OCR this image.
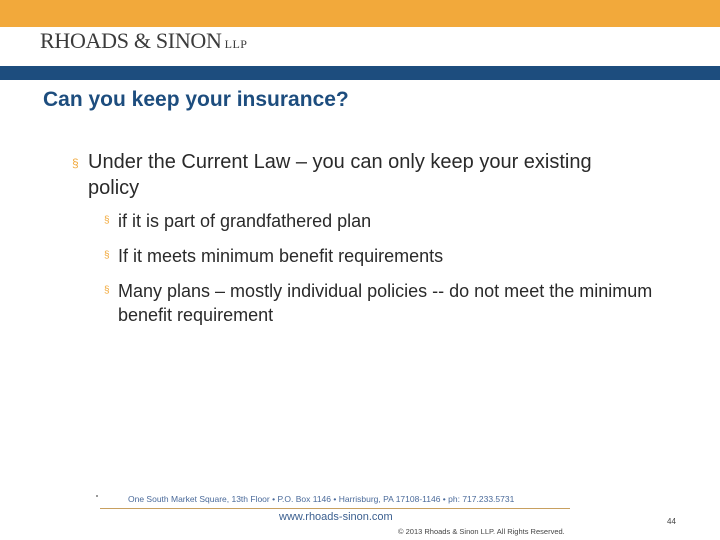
RHOADS & SINON LLP
Can you keep your insurance?
§ Under the Current Law – you can only keep your existing policy
§ if it is part of grandfathered plan
§ If it meets minimum benefit requirements
§ Many plans – mostly individual policies -- do not meet the minimum benefit requirement
One South Market Square, 13th Floor • P.O. Box 1146 • Harrisburg, PA 17108-1146 • ph: 717.233.5731
www.rhoads-sinon.com
© 2013 Rhoads & Sinon LLP. All Rights Reserved.
44
